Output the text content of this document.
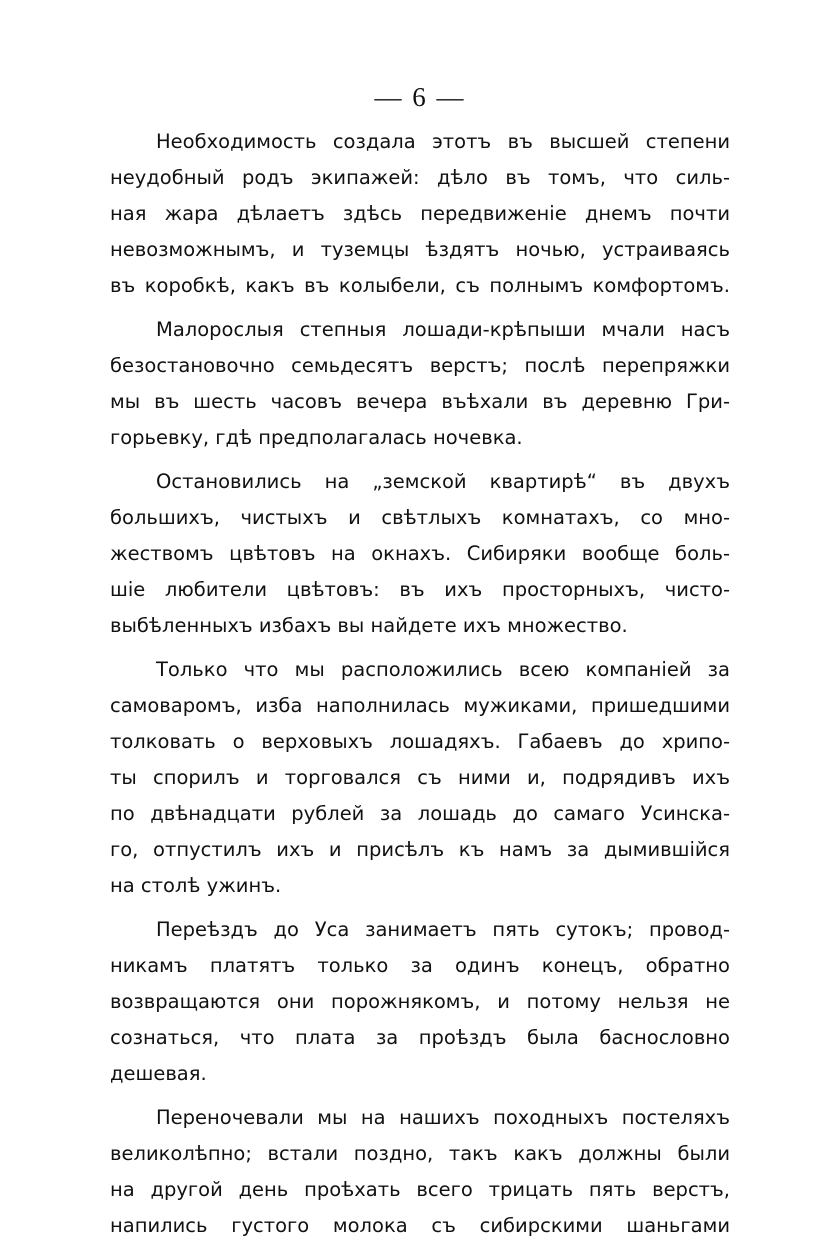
— 6 —
Необходимость создала этотъ въ высшей степени
неудобный родъ экипажей: дѣло въ томъ, что силь-
ная жара дѣлаетъ здѣсь передвиженіе днемъ почти
невозможнымъ, и туземцы ѣздятъ ночью, устраиваясь
въ коробкѣ, какъ въ колыбели, съ полнымъ комфортомъ.
Малорослыя степныя лошади-крѣпыши мчали насъ
безостановочно семьдесятъ верстъ; послѣ перепряжки
мы въ шесть часовъ вечера въѣхали въ деревню Гри-
горьевку, гдѣ предполагалась ночевка.
Остановились на „земской квартирѣ“ въ двухъ
большихъ, чистыхъ и свѣтлыхъ комнатахъ, со мно-
жествомъ цвѣтовъ на окнахъ. Сибиряки вообще боль-
шіе любители цвѣтовъ: въ ихъ просторныхъ, чисто-
выбѣленныхъ избахъ вы найдете ихъ множество.
Только что мы расположились всею компаніей за
самоваромъ, изба наполнилась мужиками, пришедшими
толковать о верховыхъ лошадяхъ. Габаевъ до хрипо-
ты спорилъ и торговался съ ними и, подрядивъ ихъ
по двѣнадцати рублей за лошадь до самаго Усинска-
го, отпустилъ ихъ и присѣлъ къ намъ за дымившійся
на столѣ ужинъ.
Переѣздъ до Уса занимаетъ пять сутокъ; провод-
никамъ платятъ только за одинъ конецъ, обратно
возвращаются они порожнякомъ, и потому нельзя не
сознаться, что плата за проѣздъ была баснословно
дешевая.
Переночевали мы на нашихъ походныхъ постеляхъ
великолѣпно; встали поздно, такъ какъ должны были
на другой день проѣхать всего трицать пять верстъ,
напились густого молока съ сибирскими шаньгами
